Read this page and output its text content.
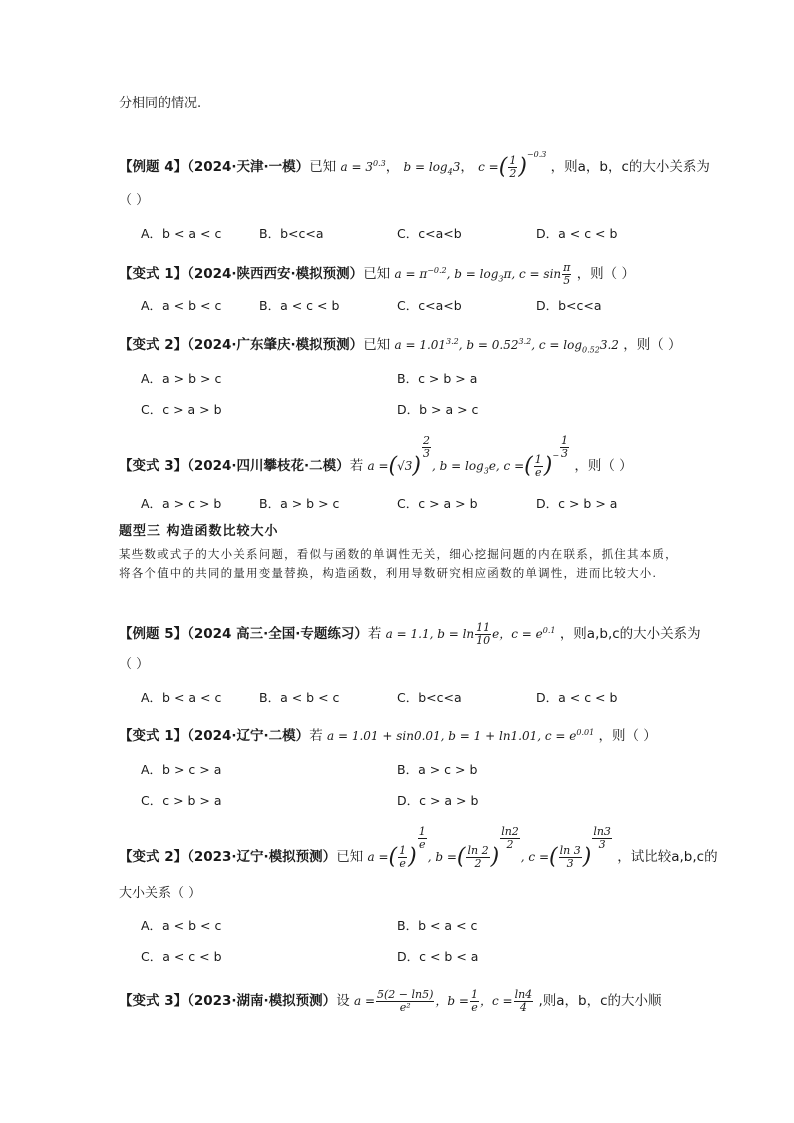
分相同的情况.
【例题 4】（2024·天津·一模）已知 $a = 3^{0.3}$， $b = \log_43$， c =( $\frac{1}{2} )^{-0.3}$ ，则a，b，c的大小关系为
（ ）
A．b < a < c	B．b<c<a	C．c<a<b	D．a < c < b
【变式 1】（2024·陕西西安·模拟预测）已知 $a = \pi^{-0.2}$, $b = \log_3\pi$, $c = \sin \frac{\pi}{5}$ ，则（ ）
A．a < b < c	B．a < c < b	C．c<a<b	D．b<c<a
【变式 2】（2024·广东肇庆·模拟预测）已知 $a = 1.01^{3.2}$, $b = 0.52^{3.2}$, $c = \log_{0.52}3.2$ ，则（ ）
A．a > b > c	B．c > b > a
C．c > a > b	D．b > a > c
【变式 3】（2024·四川攀枝花·二模）若 a =(√3)
$^{\frac{2}{3}}$
, $b = \log_3e$, c =( $\frac{1}{e} )^{- \frac{1}{3}}$
，则（ ）
A．a > c > b	B．a > b > c	C．c > a > b	D．c > b > a
题型三 构造函数比较大小
某些数或式子的大小关系问题，看似与函数的单调性无关，细心挖掘问题的内在联系，抓住其本质，将各个值中的共同的量用变量替换，构造函数，利用导数研究相应函数的单调性，进而比较大小.
【例题 5】（2024 高三·全国·专题练习）若 a = 1.1, $b = \ln \frac{11}{10}$ e，$c = e^{0.1}$ ，则a,b,c的大小关系为
（ ）
A．b < a < c	B．a < b < c	C．b<c<a	D．a < c < b
【变式 1】（2024·辽宁·二模）若 a = 1.01 + sin0.01, b = 1 + ln1.01, $c = e^{0.01}$ ，则（ ）
A．b > c > a	B．a > c > b
C．c > b > a	D．c > a > b
【变式 2】（2023·辽宁·模拟预测）已知 a =( $\frac{1}{e}$ )
$^{\frac{1}{e}}$
, b =( $\frac{\ln 2}{2}$ )
$^{\frac{\ln 2}{2}}$
, c =( $\frac{\ln 3}{3}$ )
$^{\frac{\ln 3}{3}}$
，试比较a,b,c的
大小关系（ ）
A．a < b < c	B．b < a < c
C．a < c < b	D．c < b < a
【变式 3】（2023·湖南·模拟预测）设 $a = \frac{5(2 - \ln 5)}{\text{e²}}$ ，$b = \frac{1}{e}$ ，$c = \frac{\ln 4}{4}$ ,则a，b，c的大小顺
